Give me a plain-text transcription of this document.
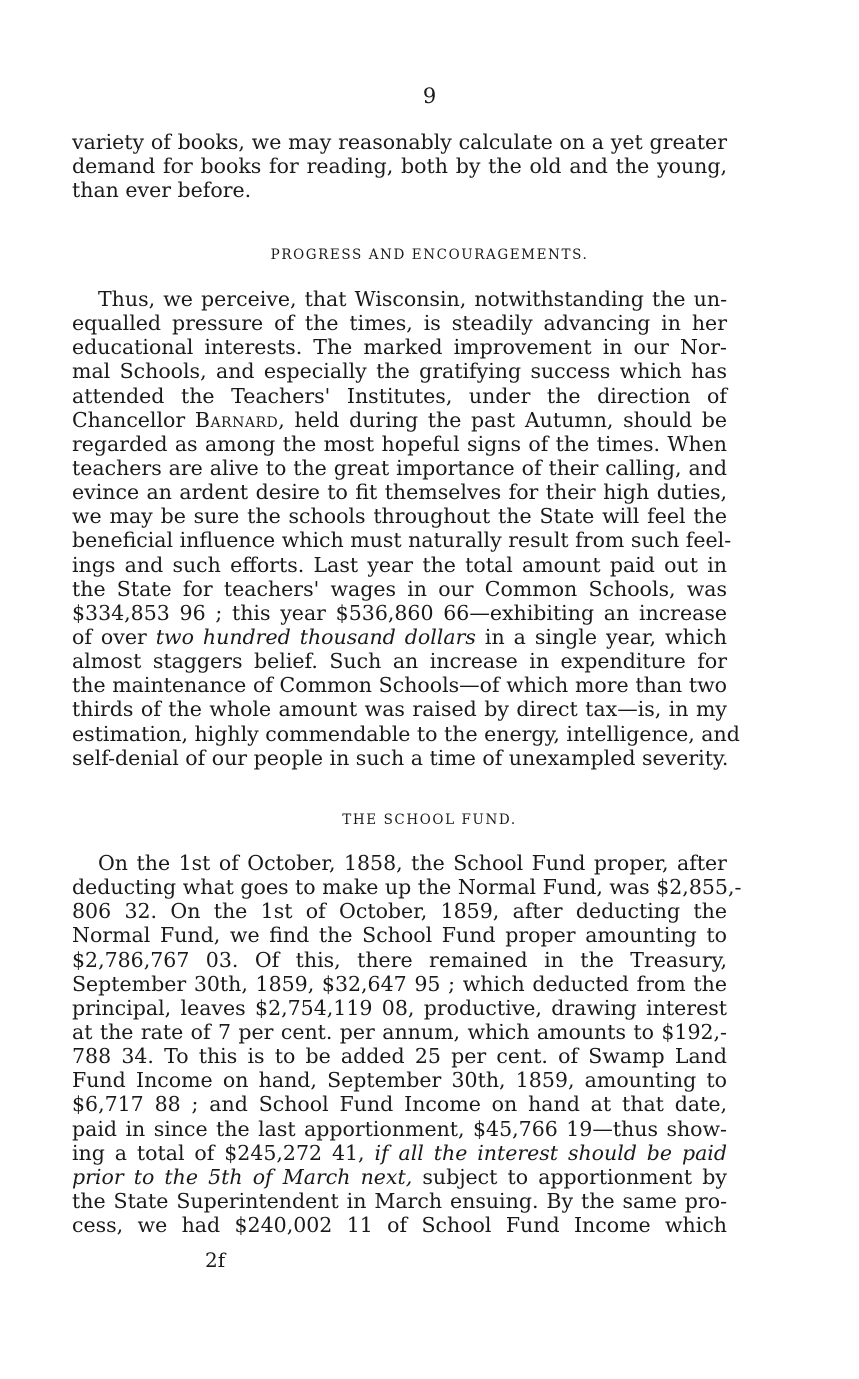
9
variety of books, we may reasonably calculate on a yet greater
demand for books for reading, both by the old and the young,
than ever before.
PROGRESS AND ENCOURAGEMENTS.
Thus, we perceive, that Wisconsin, notwithstanding the un-
equalled pressure of the times, is steadily advancing in her
educational interests. The marked improvement in our Nor-
mal Schools, and especially the gratifying success which has
attended the Teachers' Institutes, under the direction of
Chancellor Barnard, held during the past Autumn, should be
regarded as among the most hopeful signs of the times. When
teachers are alive to the great importance of their calling, and
evince an ardent desire to fit themselves for their high duties,
we may be sure the schools throughout the State will feel the
beneficial influence which must naturally result from such feel-
ings and such efforts. Last year the total amount paid out in
the State for teachers' wages in our Common Schools, was
$334,853 96 ; this year $536,860 66—exhibiting an increase
of over two hundred thousand dollars in a single year, which
almost staggers belief. Such an increase in expenditure for
the maintenance of Common Schools—of which more than two
thirds of the whole amount was raised by direct tax—is, in my
estimation, highly commendable to the energy, intelligence, and
self-denial of our people in such a time of unexampled severity.
THE SCHOOL FUND.
On the 1st of October, 1858, the School Fund proper, after
deducting what goes to make up the Normal Fund, was $2,855,-
806 32. On the 1st of October, 1859, after deducting the
Normal Fund, we find the School Fund proper amounting to
$2,786,767 03. Of this, there remained in the Treasury,
September 30th, 1859, $32,647 95 ; which deducted from the
principal, leaves $2,754,119 08, productive, drawing interest
at the rate of 7 per cent. per annum, which amounts to $192,-
788 34. To this is to be added 25 per cent. of Swamp Land
Fund Income on hand, September 30th, 1859, amounting to
$6,717 88 ; and School Fund Income on hand at that date,
paid in since the last apportionment, $45,766 19—thus show-
ing a total of $245,272 41, if all the interest should be paid
prior to the 5th of March next, subject to apportionment by
the State Superintendent in March ensuing. By the same pro-
cess, we had $240,002 11 of School Fund Income which
2f
